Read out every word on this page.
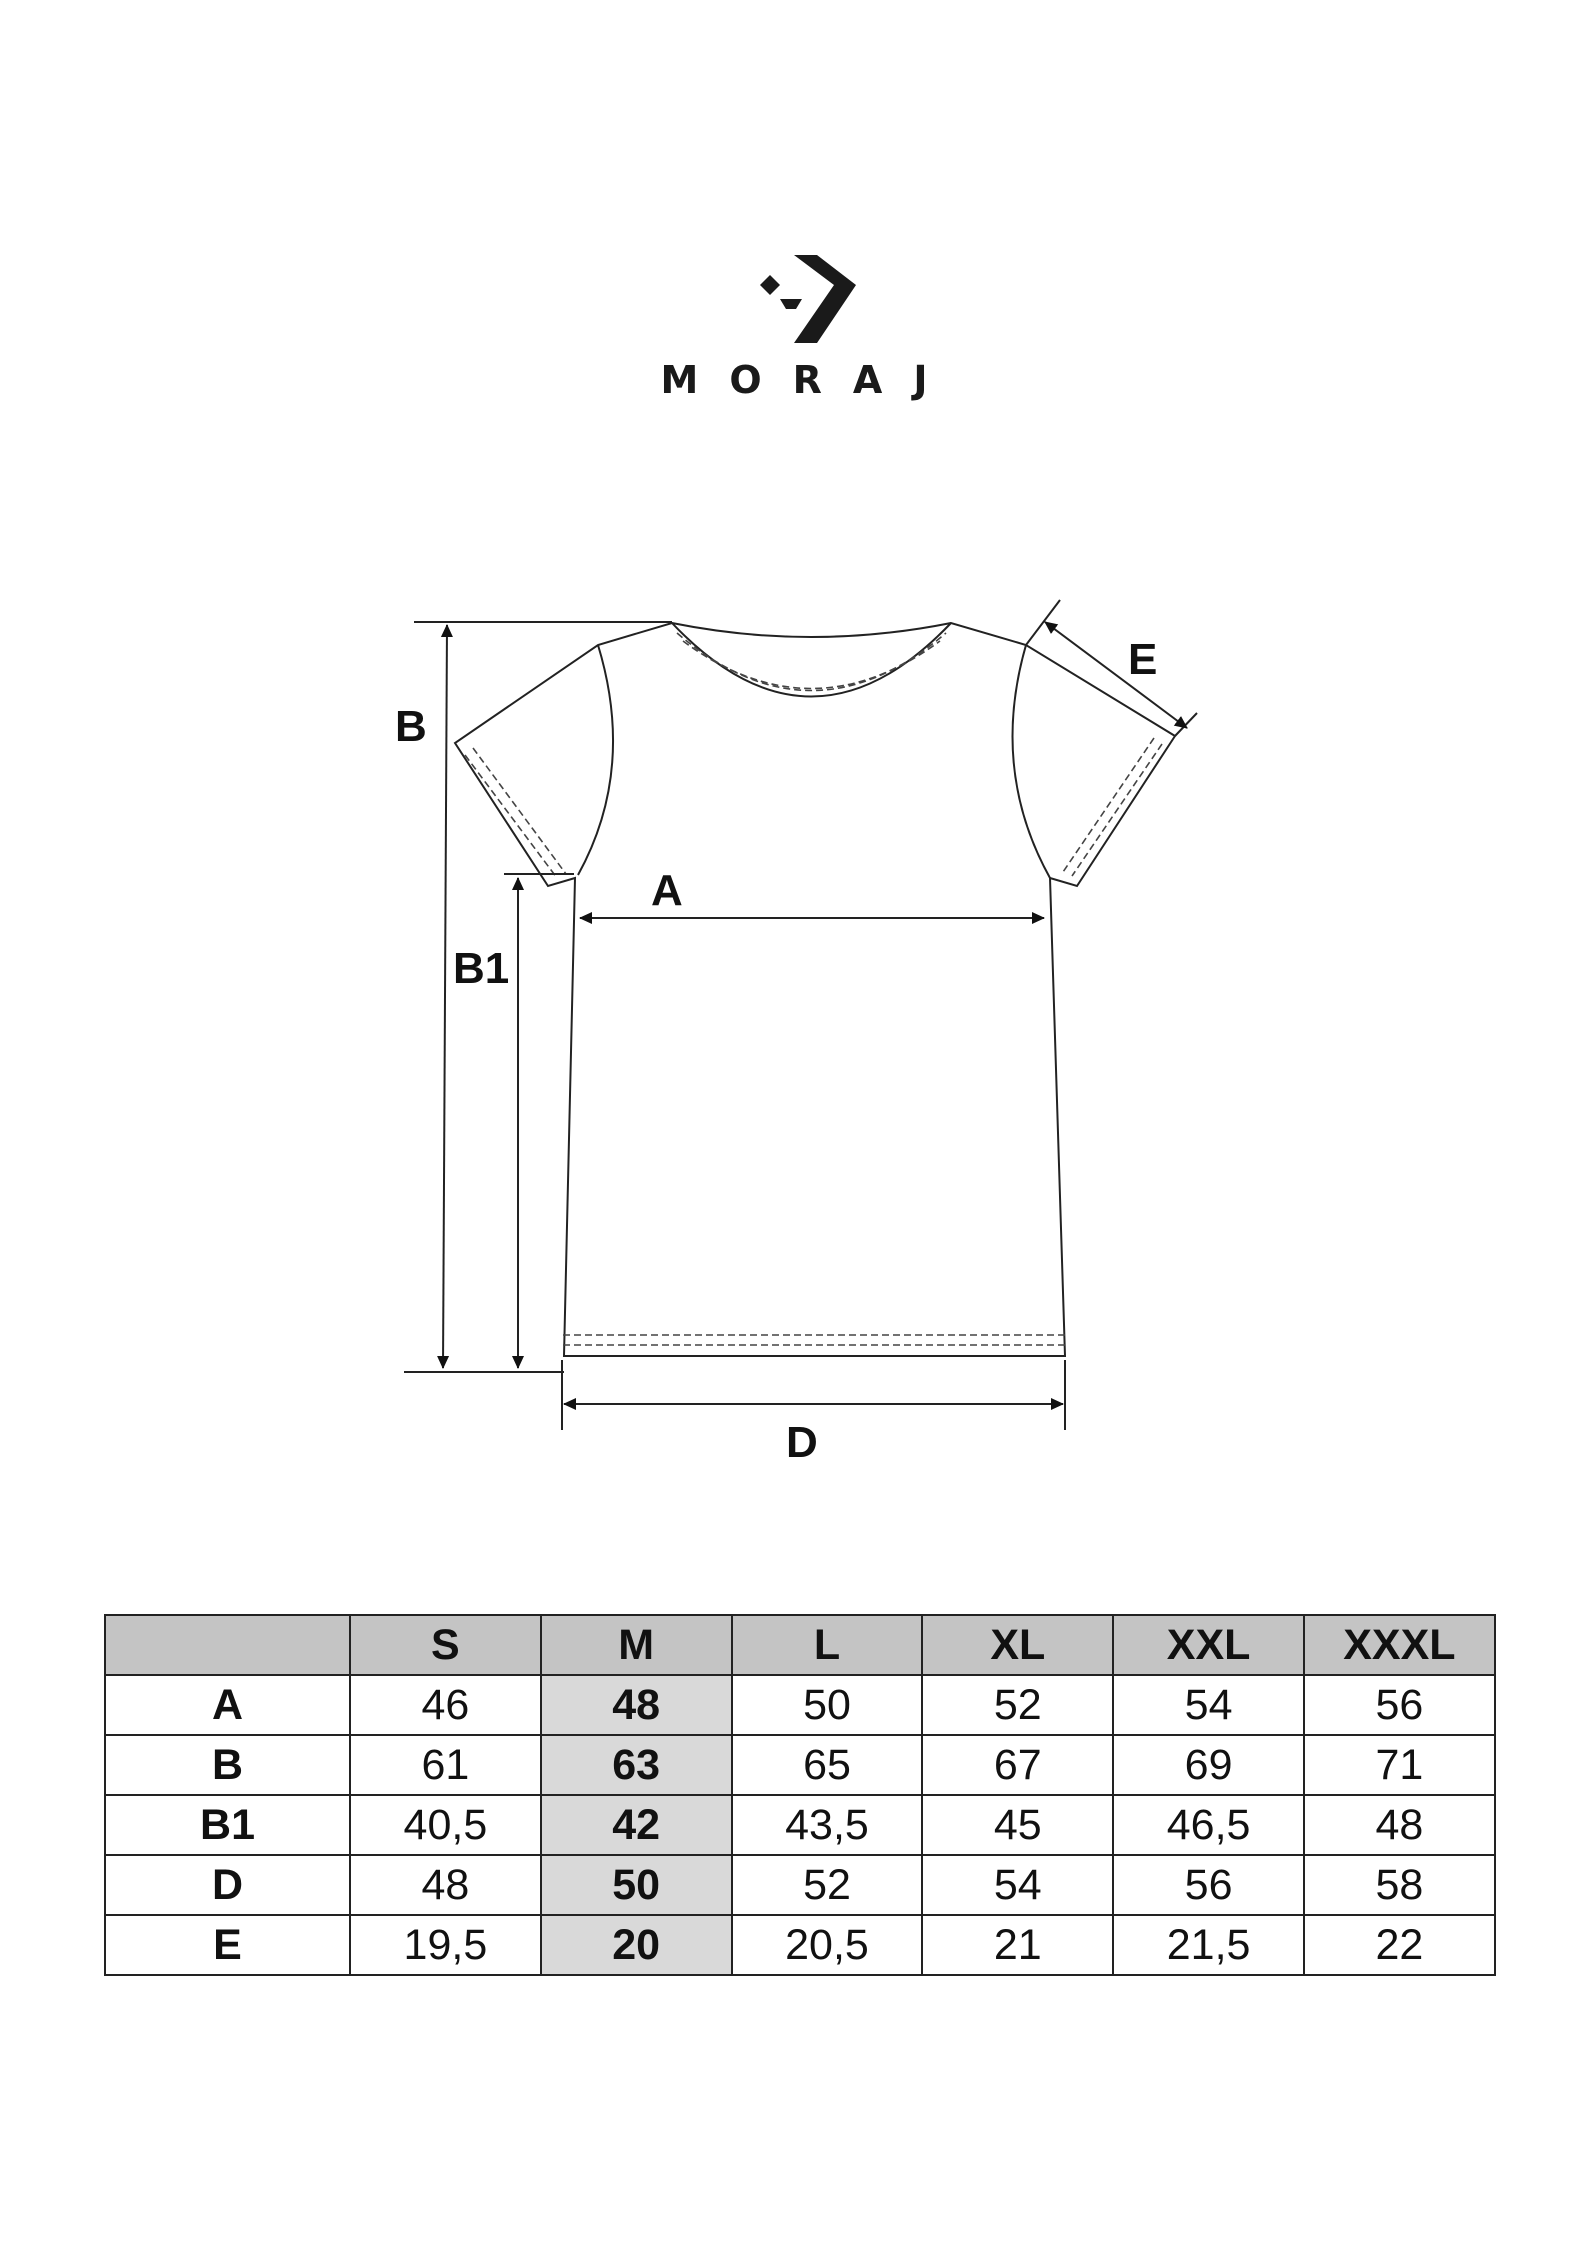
MORAJ
A
B
B1
D
E
	S	M	L	XL	XXL	XXXL
A	46	48	50	52	54	56
B	61	63	65	67	69	71
B1	40,5	42	43,5	45	46,5	48
D	48	50	52	54	56	58
E	19,5	20	20,5	21	21,5	22
